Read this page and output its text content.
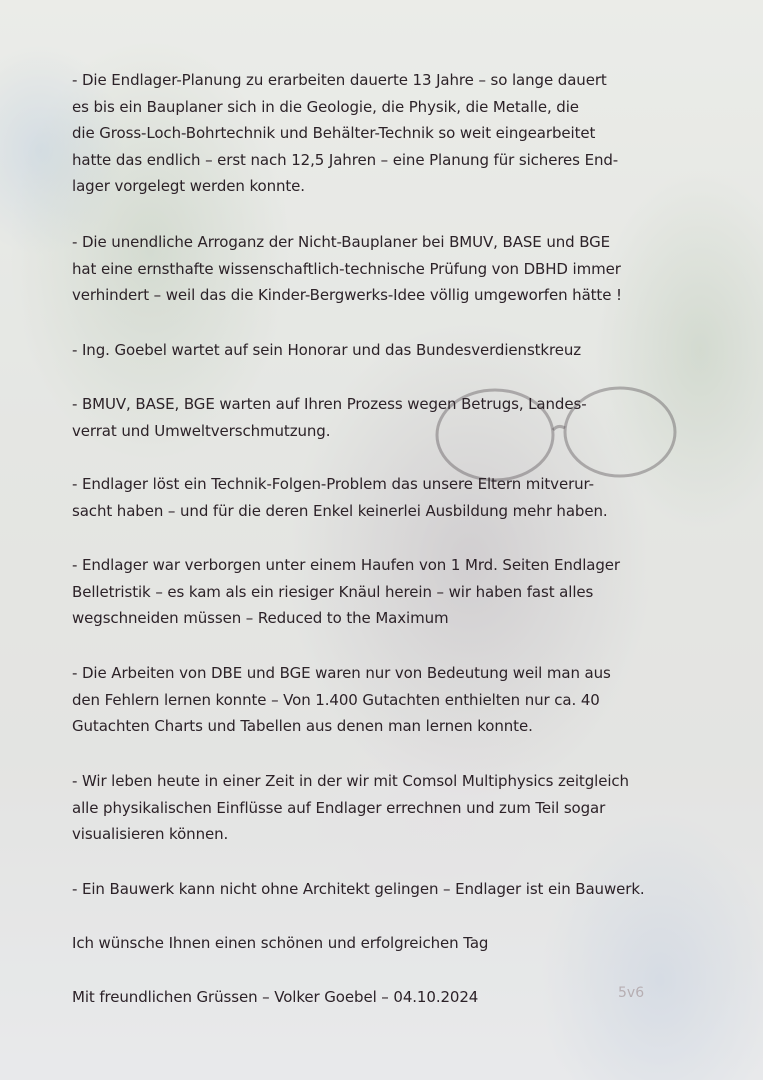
- Die Endlager-Planung zu erarbeiten dauerte 13 Jahre – so lange dauert
es bis ein Bauplaner sich in die Geologie, die Physik, die Metalle, die
die Gross-Loch-Bohrtechnik und Behälter-Technik so weit eingearbeitet
hatte das endlich – erst nach 12,5 Jahren – eine Planung für sicheres End-
lager vorgelegt werden konnte.
- Die unendliche Arroganz der Nicht-Bauplaner bei BMUV, BASE und BGE
hat eine ernsthafte wissenschaftlich-technische Prüfung von DBHD immer
verhindert – weil das die Kinder-Bergwerks-Idee völlig umgeworfen hätte !
- Ing. Goebel wartet auf sein Honorar und das Bundesverdienstkreuz
- BMUV, BASE, BGE warten auf Ihren Prozess wegen Betrugs, Landes-
verrat und Umweltverschmutzung.
- Endlager löst ein Technik-Folgen-Problem das unsere Eltern mitverur-
sacht haben – und für die deren Enkel keinerlei Ausbildung mehr haben.
- Endlager war verborgen unter einem Haufen von 1 Mrd. Seiten Endlager
Belletristik – es kam als ein riesiger Knäul herein – wir haben fast alles
wegschneiden müssen – Reduced to the Maximum
- Die Arbeiten von DBE und BGE waren nur von Bedeutung weil man aus
den Fehlern lernen konnte – Von 1.400 Gutachten enthielten nur ca. 40
Gutachten Charts und Tabellen aus denen man lernen konnte.
- Wir leben heute in einer Zeit in der wir mit Comsol Multiphysics zeitgleich
alle physikalischen Einflüsse auf Endlager errechnen und zum Teil sogar
visualisieren können.
- Ein Bauwerk kann nicht ohne Architekt gelingen – Endlager ist ein Bauwerk.
Ich wünsche Ihnen einen schönen und erfolgreichen Tag
Mit freundlichen Grüssen – Volker Goebel – 04.10.2024	5v6
